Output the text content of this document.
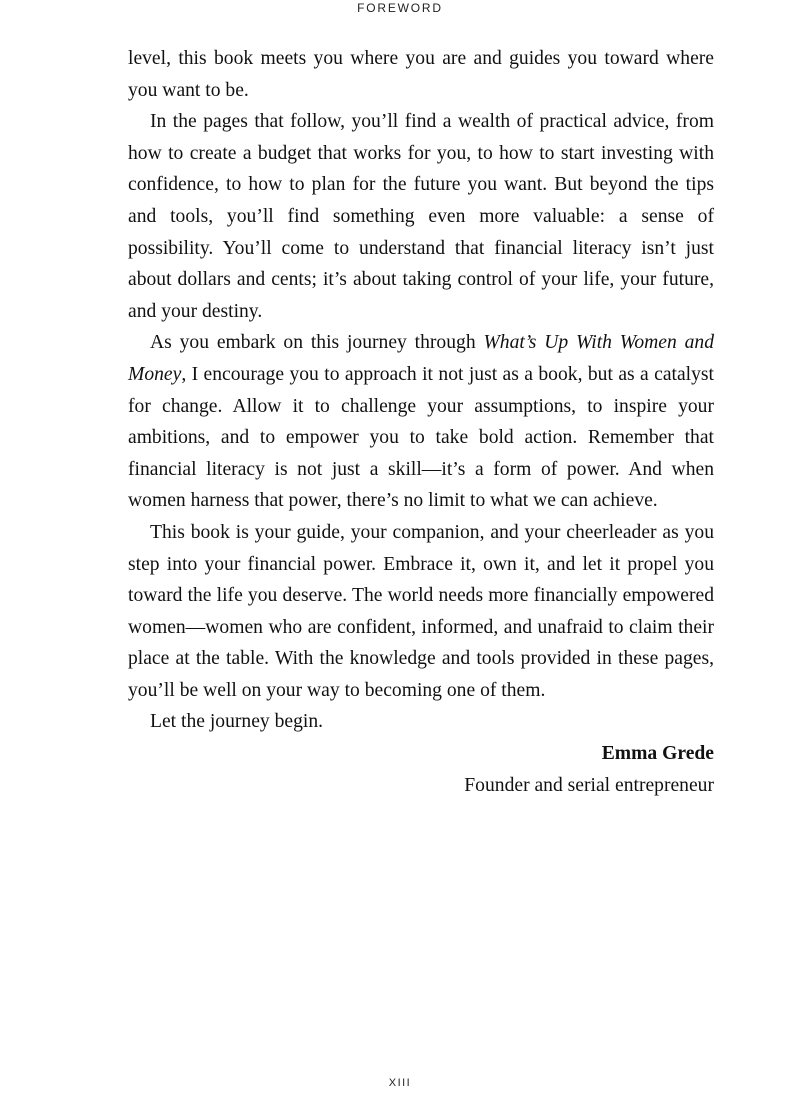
FOREWORD

level, this book meets you where you are and guides you toward where you want to be.

In the pages that follow, you’ll find a wealth of practical advice, from how to create a budget that works for you, to how to start investing with confidence, to how to plan for the future you want. But beyond the tips and tools, you’ll find something even more valuable: a sense of possibility. You’ll come to understand that financial literacy isn’t just about dollars and cents; it’s about taking control of your life, your future, and your destiny.

As you embark on this journey through What’s Up With Women and Money, I encourage you to approach it not just as a book, but as a catalyst for change. Allow it to challenge your assumptions, to inspire your ambitions, and to empower you to take bold action. Remember that financial literacy is not just a skill—it’s a form of power. And when women harness that power, there’s no limit to what we can achieve.

This book is your guide, your companion, and your cheerleader as you step into your financial power. Embrace it, own it, and let it propel you toward the life you deserve. The world needs more financially empowered women—women who are confident, informed, and unafraid to claim their place at the table. With the knowledge and tools provided in these pages, you’ll be well on your way to becoming one of them.

Let the journey begin.

Emma Grede

Founder and serial entrepreneur

XIII
